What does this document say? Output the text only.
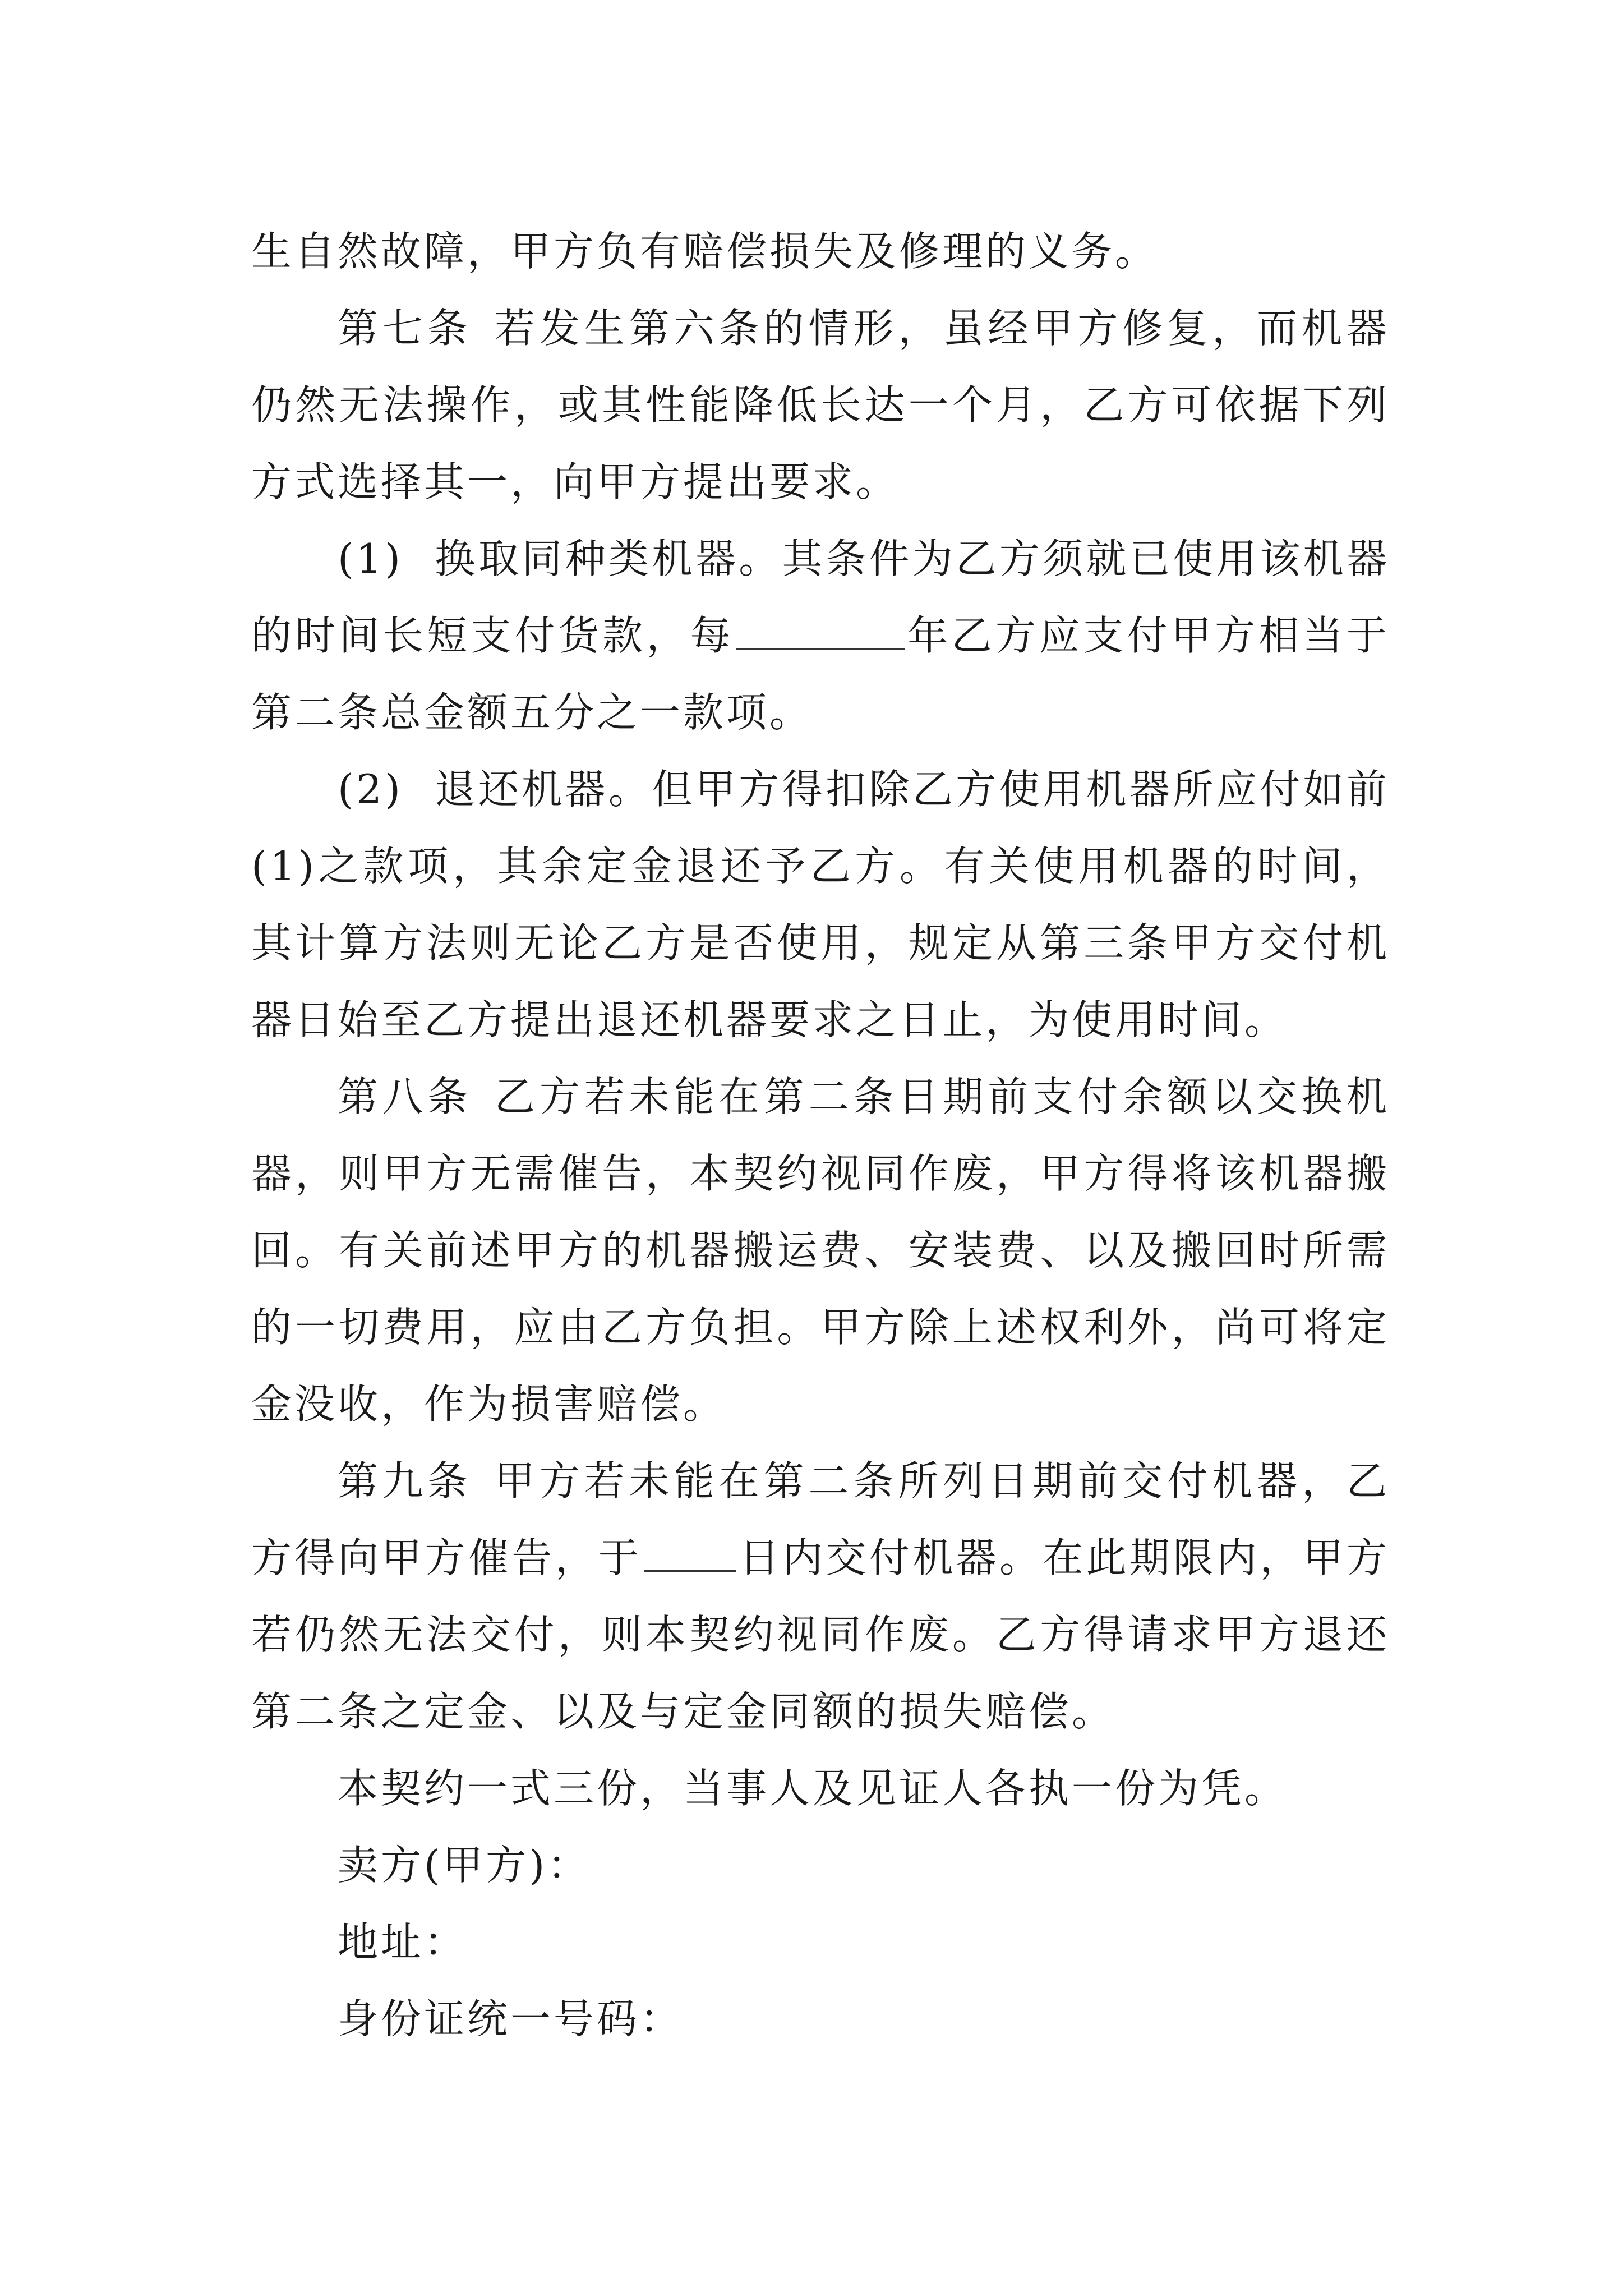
生自然故障，甲方负有赔偿损失及修理的义务。

第七条 若发生第六条的情形，虽经甲方修复，而机器仍然无法操作，或其性能降低长达一个月，乙方可依据下列方式选择其一，向甲方提出要求。

(1) 换取同种类机器。其条件为乙方须就已使用该机器的时间长短支付货款，每	年乙方应支付甲方相当于第二条总金额五分之一款项。

(2) 退还机器。但甲方得扣除乙方使用机器所应付如前(1)之款项，其余定金退还予乙方。有关使用机器的时间，其计算方法则无论乙方是否使用，规定从第三条甲方交付机器日始至乙方提出退还机器要求之日止，为使用时间。

第八条 乙方若未能在第二条日期前支付余额以交换机器，则甲方无需催告，本契约视同作废，甲方得将该机器搬回。有关前述甲方的机器搬运费、安装费、以及搬回时所需的一切费用，应由乙方负担。甲方除上述权利外，尚可将定金没收，作为损害赔偿。

第九条 甲方若未能在第二条所列日期前交付机器，乙方得向甲方催告，于 日内交付机器。在此期限内，甲方若仍然无法交付，则本契约视同作废。乙方得请求甲方退还第二条之定金、以及与定金同额的损失赔偿。

本契约一式三份，当事人及见证人各执一份为凭。

卖方(甲方)：

地址：

身份证统一号码：
